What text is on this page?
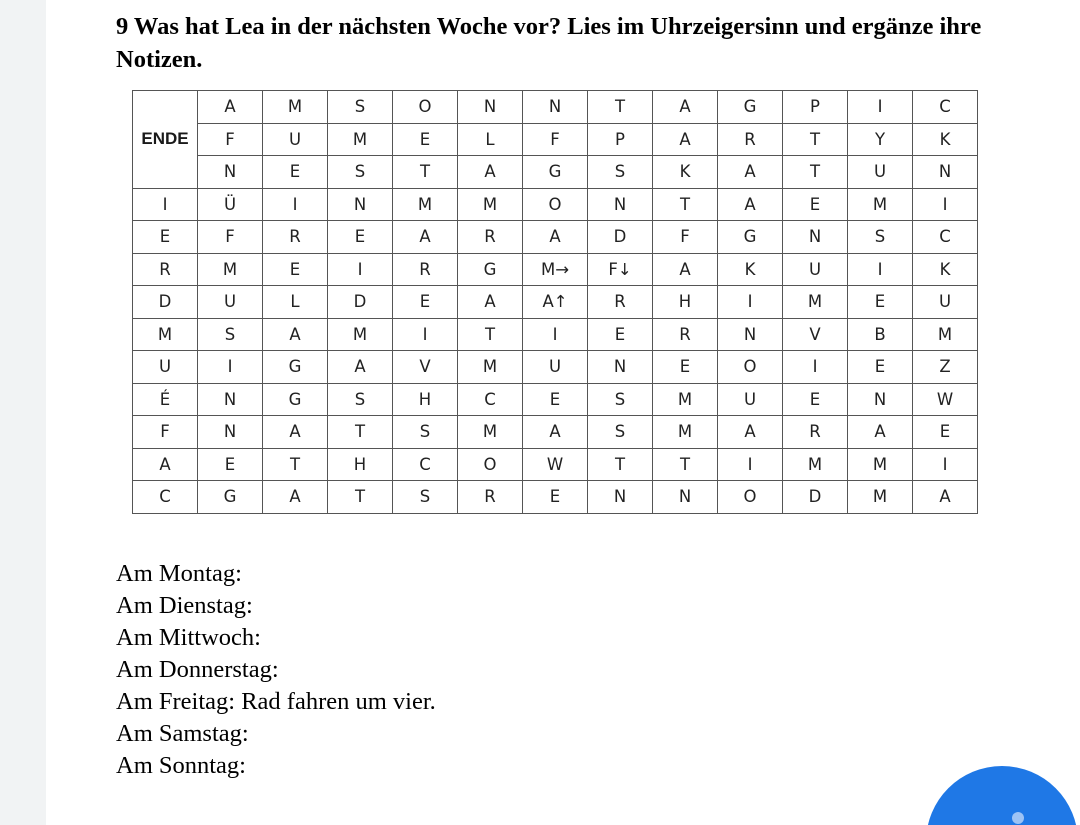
9 Was hat Lea in der nächsten Woche vor? Lies im Uhrzeigersinn und ergänze ihre
Notizen.
	A	M	S	O	N	N	T	A	G	P	I	C
ENDE	F	U	M	E	L	F	P	A	R	T	Y	K
	N	E	S	T	A	G	S	K	A	T	U	N
I	Ü	I	N	M	M	O	N	T	A	E	M	I
E	F	R	E	A	R	A	D	F	G	N	S	C
R	M	E	I	R	G	M→	F↓	A	K	U	I	K
D	U	L	D	E	A	A↑	R	H	I	M	E	U
M	S	A	M	I	T	I	E	R	N	V	B	M
U	I	G	A	V	M	U	N	E	O	I	E	Z
É	N	G	S	H	C	E	S	M	U	E	N	W
F	N	A	T	S	M	A	S	M	A	R	A	E
A	E	T	H	C	O	W	T	T	I	M	M	I
C	G	A	T	S	R	E	N	N	O	D	M	A
Am Montag:
Am Dienstag:
Am Mittwoch:
Am Donnerstag:
Am Freitag: Rad fahren um vier.
Am Samstag:
Am Sonntag:
